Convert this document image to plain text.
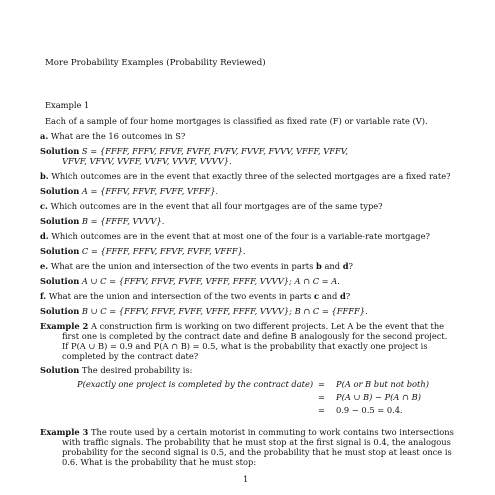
More Probability Examples (Probability Reviewed)
Example 1
Each of a sample of four home mortgages is classified as fixed rate (F) or variable rate (V).
a. What are the 16 outcomes in S?
Solution S = {FFFF, FFFV, FFVF, FVFF, FVFV, FVVF, FVVV, VFFF, VFFV,
VFVF, VFVV, VVFF, VVFV, VVVF, VVVV}.
b. Which outcomes are in the event that exactly three of the selected mortgages are a fixed rate?
Solution A = {FFFV, FFVF, FVFF, VFFF}.
c. Which outcomes are in the event that all four mortgages are of the same type?
Solution B = {FFFF, VVVV}.
d. Which outcomes are in the event that at most one of the four is a variable-rate mortgage?
Solution C = {FFFF, FFFV, FFVF, FVFF, VFFF}.
e. What are the union and intersection of the two events in parts b and d?
Solution A ∪ C = {FFFV, FFVF, FVFF, VFFF, FFFF, VVVV}; A ∩ C = A.
f. What are the union and intersection of the two events in parts c and d?
Solution B ∪ C = {FFFV, FFVF, FVFF, VFFF, FFFF, VVVV}; B ∩ C = {FFFF}.
Example 2 A construction firm is working on two different projects. Let A be the event that the
first one is completed by the contract date and define B analogously for the second project.
If P(A ∪ B) = 0.9 and P(A ∩ B) = 0.5, what is the probability that exactly one project is
completed by the contract date?
Solution The desired probability is:
P(exactly one project is completed by the contract date) = P(A or B but not both)
= P(A ∪ B) − P(A ∩ B)
= 0.9 − 0.5 = 0.4.
Example 3 The route used by a certain motorist in commuting to work contains two intersections
with traffic signals. The probability that he must stop at the first signal is 0.4, the analogous
probability for the second signal is 0.5, and the probability that he must stop at least once is
0.6. What is the probability that he must stop:
1
